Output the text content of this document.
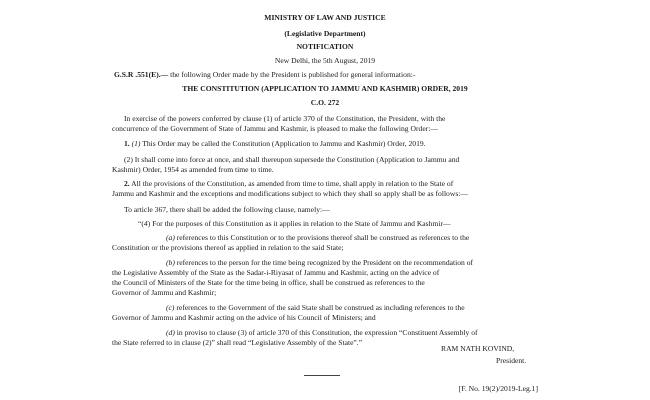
MINISTRY OF LAW AND JUSTICE
(Legislative Department)
NOTIFICATION
New Delhi, the 5th August, 2019
G.S.R .551(E).— the following Order made by the President is published for general information:-
THE CONSTITUTION (APPLICATION TO JAMMU AND KASHMIR) ORDER, 2019
C.O. 272
In exercise of the powers conferred by clause (1) of article 370 of the Constitution, the President, with the
concurrence of the Government of State of Jammu and Kashmir, is pleased to make the following Order:—
1. (1) This Order may be called the Constitution (Application to Jammu and Kashmir) Order, 2019.
(2) It shall come into force at once, and shall thereupon supersede the Constitution (Application to Jammu and
Kashmir) Order, 1954 as amended from time to time.
2. All the provisions of the Constitution, as amended from time to time, shall apply in relation to the State of
Jammu and Kashmir and the exceptions and modifications subject to which they shall so apply shall be as follows:—
To article 367, there shall be added the following clause, namely:—
“(4) For the purposes of this Constitution as it applies in relation to the State of Jammu and Kashmir—
(a) references to this Constitution or to the provisions thereof shall be construed as references to the
Constitution or the provisions thereof as applied in relation to the said State;
(b) references to the person for the time being recognized by the President on the recommendation of
the Legislative Assembly of the State as the Sadar-i-Riyasat of Jammu and Kashmir, acting on the advice of
the Council of Ministers of the State for the time being in office, shall be construed as references to the
Governor of Jammu and Kashmir;
(c) references to the Government of the said State shall be construed as including references to the
Governor of Jammu and Kashmir acting on the advice of his Council of Ministers; and
(d) in proviso to clause (3) of article 370 of this Constitution, the expression “Constituent Assembly of
the State referred to in clause (2)” shall read “Legislative Assembly of the State”.”
RAM NATH KOVIND,
President.
[F. No. 19(2)/2019-Leg.1]
